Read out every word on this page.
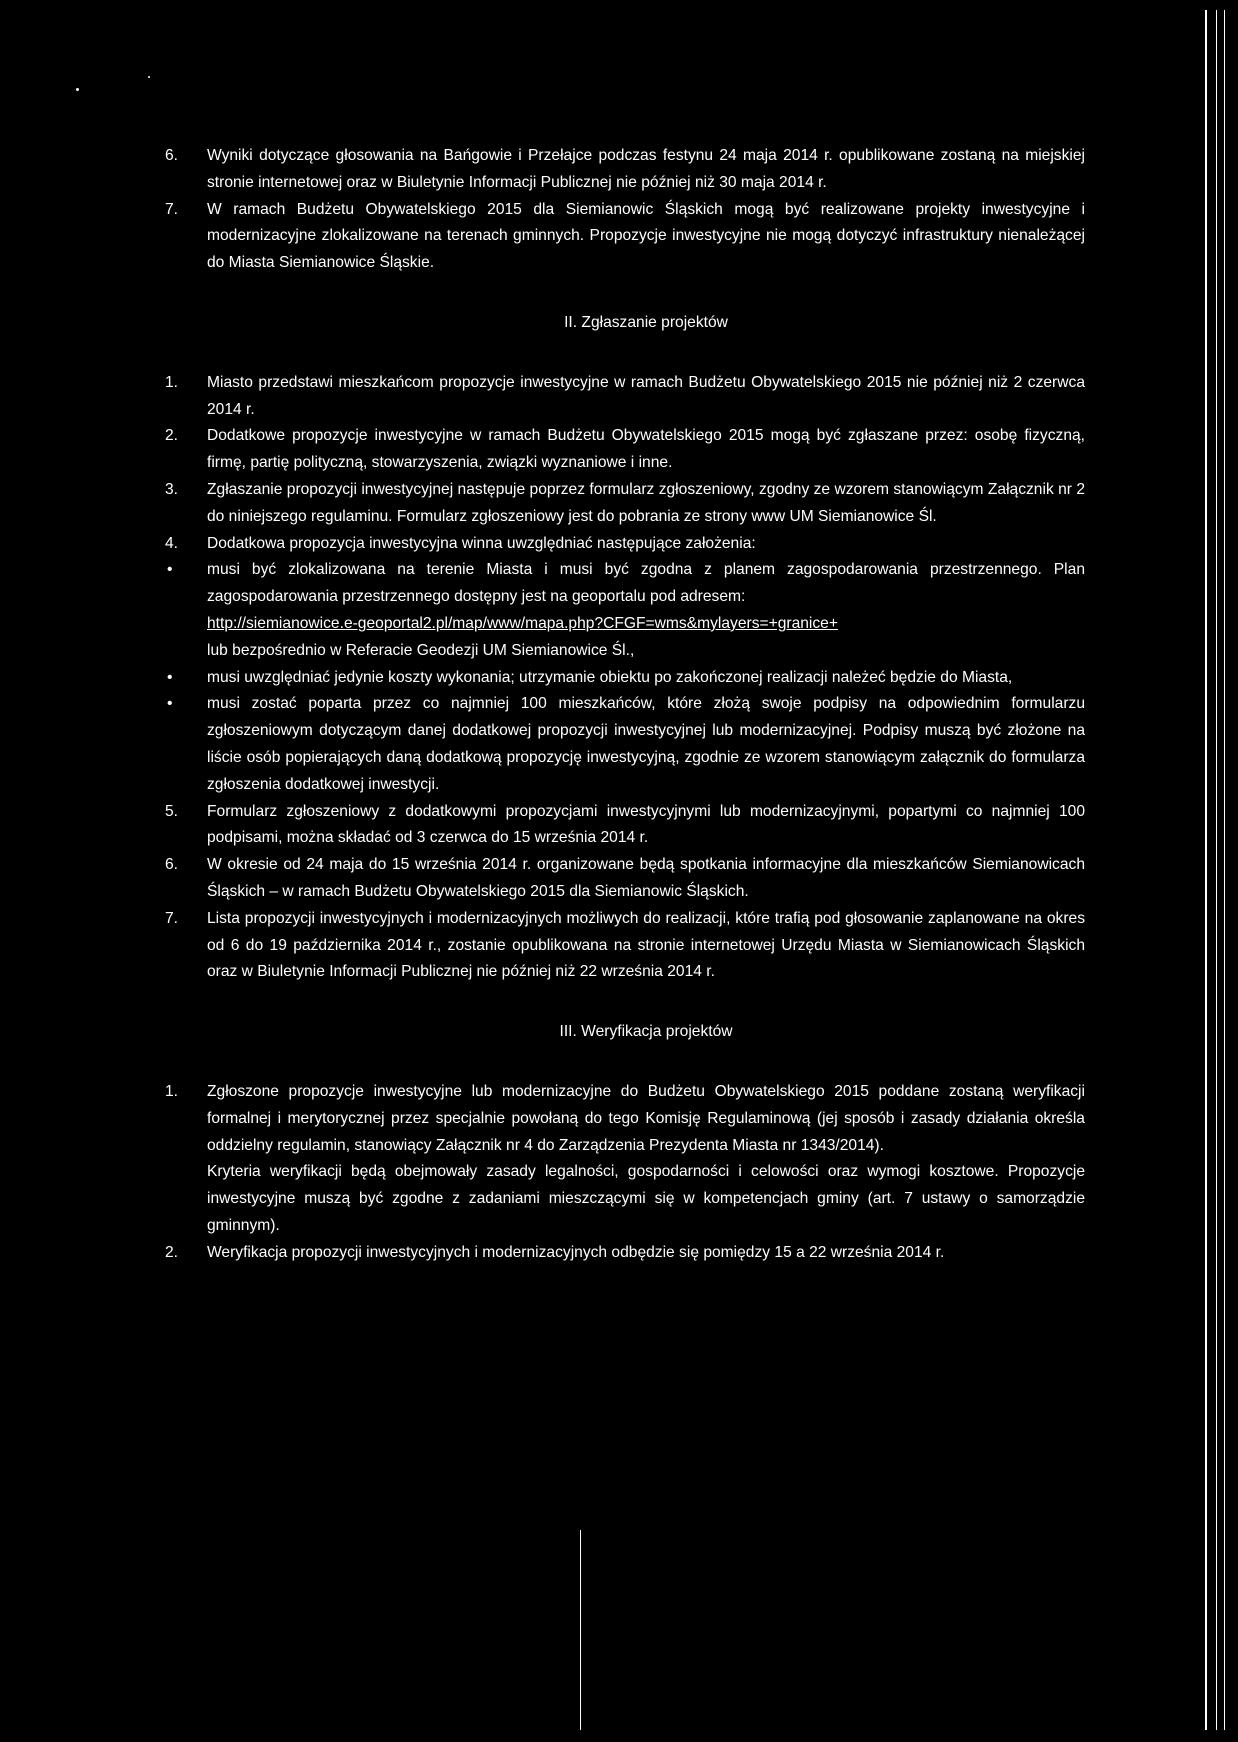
6. Wyniki dotyczące głosowania na Bańgowie i Przełajce podczas festynu 24 maja 2014 r. opublikowane zostaną na miejskiej stronie internetowej oraz w Biuletynie Informacji Publicznej nie później niż 30 maja 2014 r.
7. W ramach Budżetu Obywatelskiego 2015 dla Siemianowic Śląskich mogą być realizowane projekty inwestycyjne i modernizacyjne zlokalizowane na terenach gminnych. Propozycje inwestycyjne nie mogą dotyczyć infrastruktury nienależącej do Miasta Siemianowice Śląskie.
II. Zgłaszanie projektów
1. Miasto przedstawi mieszkańcom propozycje inwestycyjne w ramach Budżetu Obywatelskiego 2015 nie później niż 2 czerwca 2014 r.
2. Dodatkowe propozycje inwestycyjne w ramach Budżetu Obywatelskiego 2015 mogą być zgłaszane przez: osobę fizyczną, firmę, partię polityczną, stowarzyszenia, związki wyznaniowe i inne.
3. Zgłaszanie propozycji inwestycyjnej następuje poprzez formularz zgłoszeniowy, zgodny ze wzorem stanowiącym Załącznik nr 2 do niniejszego regulaminu. Formularz zgłoszeniowy jest do pobrania ze strony www UM Siemianowice Śl.
4. Dodatkowa propozycja inwestycyjna winna uwzględniać następujące założenia:
• musi być zlokalizowana na terenie Miasta i musi być zgodna z planem zagospodarowania przestrzennego. Plan zagospodarowania przestrzennego dostępny jest na geoportalu pod adresem:
http://siemianowice.e-geoportal2.pl/map/www/mapa.php?CFGF=wms&mylayers=+granice+
lub bezpośrednio w Referacie Geodezji UM Siemianowice Śl.,
• musi uwzględniać jedynie koszty wykonania; utrzymanie obiektu po zakończonej realizacji należeć będzie do Miasta,
• musi zostać poparta przez co najmniej 100 mieszkańców, które złożą swoje podpisy na odpowiednim formularzu zgłoszeniowym dotyczącym danej dodatkowej propozycji inwestycyjnej lub modernizacyjnej. Podpisy muszą być złożone na liście osób popierających daną dodatkową propozycję inwestycyjną, zgodnie ze wzorem stanowiącym załącznik do formularza zgłoszenia dodatkowej inwestycji.
5. Formularz zgłoszeniowy z dodatkowymi propozycjami inwestycyjnymi lub modernizacyjnymi, popartymi co najmniej 100 podpisami, można składać od 3 czerwca do 15 września 2014 r.
6. W okresie od 24 maja do 15 września 2014 r. organizowane będą spotkania informacyjne dla mieszkańców Siemianowicach Śląskich – w ramach Budżetu Obywatelskiego 2015 dla Siemianowic Śląskich.
7. Lista propozycji inwestycyjnych i modernizacyjnych możliwych do realizacji, które trafią pod głosowanie zaplanowane na okres od 6 do 19 października 2014 r., zostanie opublikowana na stronie internetowej Urzędu Miasta w Siemianowicach Śląskich oraz w Biuletynie Informacji Publicznej nie później niż 22 września 2014 r.
III. Weryfikacja projektów
1. Zgłoszone propozycje inwestycyjne lub modernizacyjne do Budżetu Obywatelskiego 2015 poddane zostaną weryfikacji formalnej i merytorycznej przez specjalnie powołaną do tego Komisję Regulaminową (jej sposób i zasady działania określa oddzielny regulamin, stanowiący Załącznik nr 4 do Zarządzenia Prezydenta Miasta nr 1343/2014).
Kryteria weryfikacji będą obejmowały zasady legalności, gospodarności i celowości oraz wymogi kosztowe. Propozycje inwestycyjne muszą być zgodne z zadaniami mieszczącymi się w kompetencjach gminy (art. 7 ustawy o samorządzie gminnym).
2. Weryfikacja propozycji inwestycyjnych i modernizacyjnych odbędzie się pomiędzy 15 a 22 września 2014 r.
